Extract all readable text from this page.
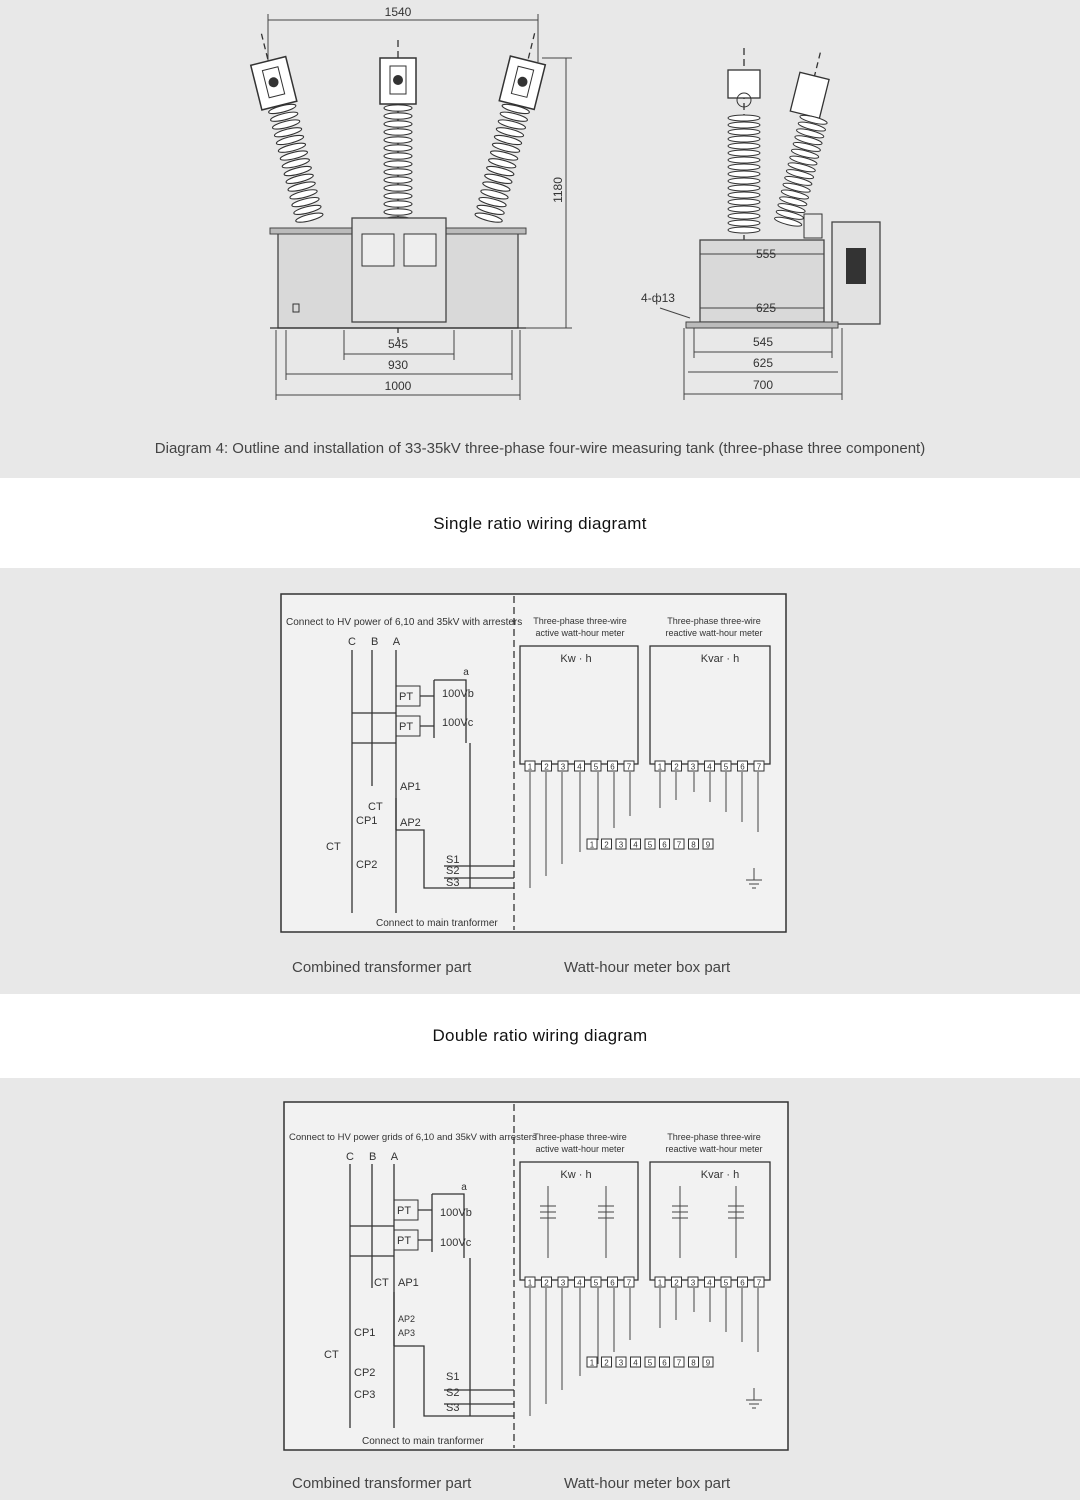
1540
1180
545
930
1000
555
625
4-ф13
545
625
700
Diagram 4: Outline and installation of 33-35kV three-phase four-wire measuring tank (three-phase three component)
Single ratio wiring diagramt
Connect to HV power of 6,10 and 35kV with arresters
C B A
a
PT
PT
100Vb
100Vc
AP1
AP2
CT
CP1
CT
CP2	S1
S2
S3
Connect to main tranformer
Three-phase three-wire
active watt-hour meter
Three-phase three-wire
reactive watt-hour meter
Kw · h	Kvar · h
1 2 3 4 5 6 7	1 2 3 4 5 6 7
1 2 3 4 5 6 7 8 9
Combined transformer part	Watt-hour meter box part
Double ratio wiring diagram
Connect to HV power grids of 6,10 and 35kV with arresters
C B A
a
PT
PT
100Vb
100Vc
CT AP1
AP2
AP3
CP1
CT
CP2
CP3
S1
S2
S3
Connect to main tranformer
Three-phase three-wire
active watt-hour meter
Three-phase three-wire
reactive watt-hour meter
Kw · h	Kvar · h
1 2 3 4 5 6 7	1 2 3 4 5 6 7
1 2 3 4 5 6 7 8 9
Combined transformer part	Watt-hour meter box part
